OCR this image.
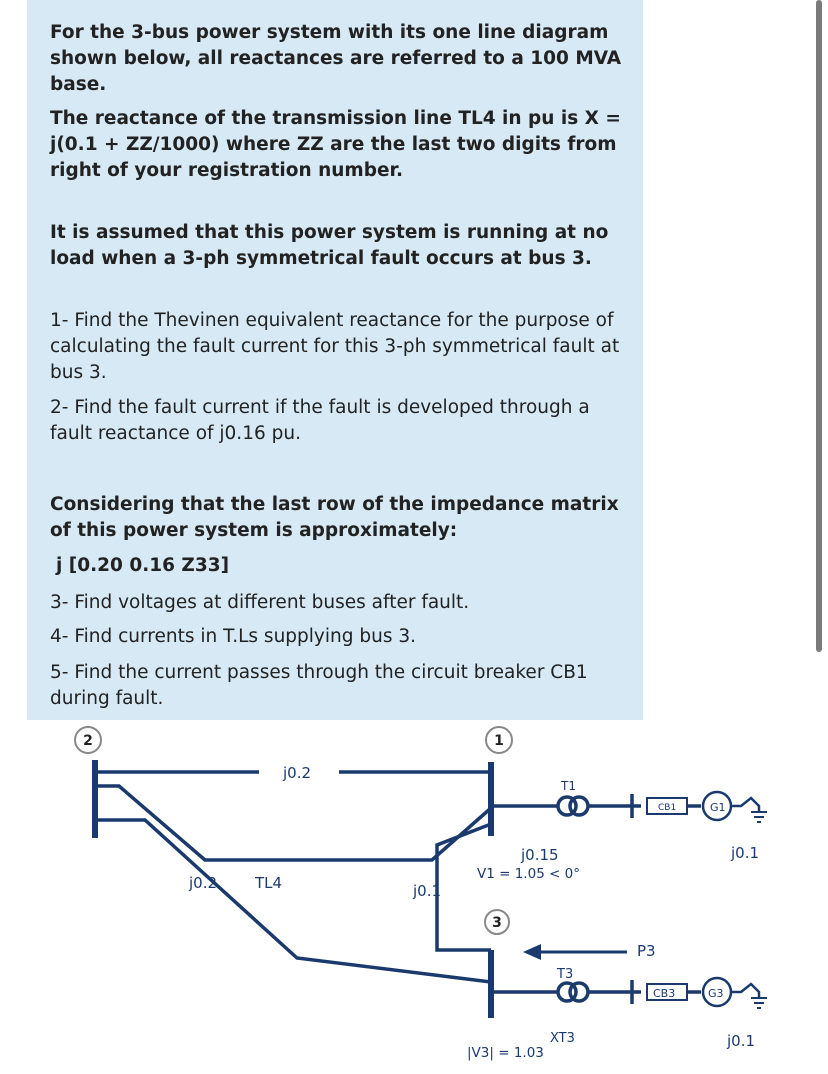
For the 3-bus power system with its one line diagram shown below, all reactances are referred to a 100 MVA base.

The reactance of the transmission line TL4 in pu is X = j(0.1 + ZZ/1000) where ZZ are the last two digits from right of your registration number.

It is assumed that this power system is running at no load when a 3-ph symmetrical fault occurs at bus 3.

1- Find the Thevinen equivalent reactance for the purpose of calculating the fault current for this 3-ph symmetrical fault at bus 3.

2- Find the fault current if the fault is developed through a fault reactance of j0.16 pu.

Considering that the last row of the impedance matrix of this power system is approximately:

j [0.20 0.16 Z33]

3- Find voltages at different buses after fault.

4- Find currents in T.Ls supplying bus 3.

5- Find the current passes through the circuit breaker CB1 during fault.

2	1
3
j0.2
j0.2	TL4	j0.1
T1
j0.15
V1 = 1.05 < 0°
CB1	G1
j0.1
P3
T3
XT3
|V3| = 1.03
CB3	G3
j0.1
